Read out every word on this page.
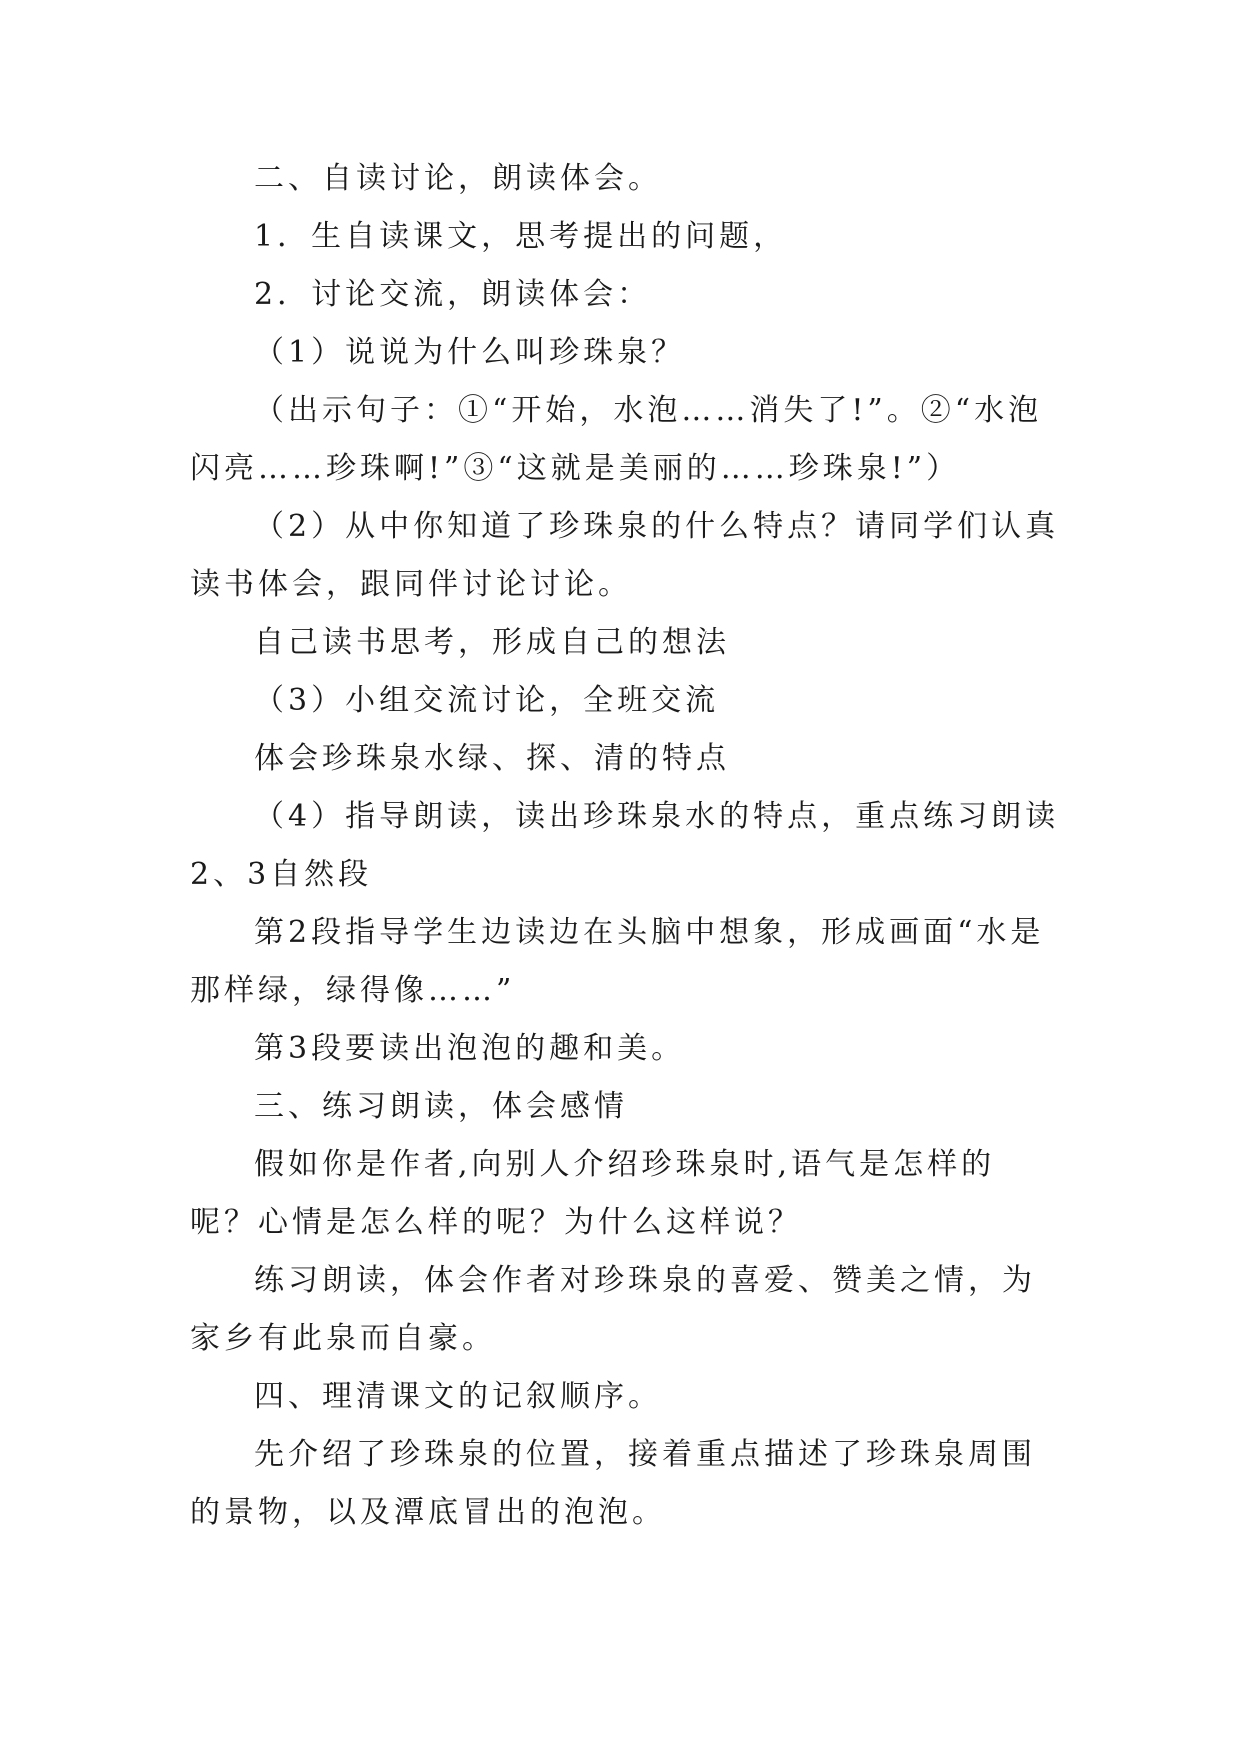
二、自读讨论，朗读体会。

1．生自读课文，思考提出的问题，

2．讨论交流，朗读体会：

（1）说说为什么叫珍珠泉？

（出示句子：①“开始，水泡……消失了!”。②“水泡闪亮……珍珠啊!”③“这就是美丽的……珍珠泉!”）

（2）从中你知道了珍珠泉的什么特点？请同学们认真读书体会，跟同伴讨论讨论。

自己读书思考，形成自己的想法

（3）小组交流讨论，全班交流

体会珍珠泉水绿、探、清的特点

（4）指导朗读，读出珍珠泉水的特点，重点练习朗读2、3自然段

第2段指导学生边读边在头脑中想象，形成画面“水是那样绿，绿得像……”

第3段要读出泡泡的趣和美。

三、练习朗读，体会感情

假如你是作者,向别人介绍珍珠泉时,语气是怎样的呢？心情是怎么样的呢？为什么这样说？

练习朗读，体会作者对珍珠泉的喜爱、赞美之情，为家乡有此泉而自豪。

四、理清课文的记叙顺序。

先介绍了珍珠泉的位置，接着重点描述了珍珠泉周围的景物，以及潭底冒出的泡泡。
